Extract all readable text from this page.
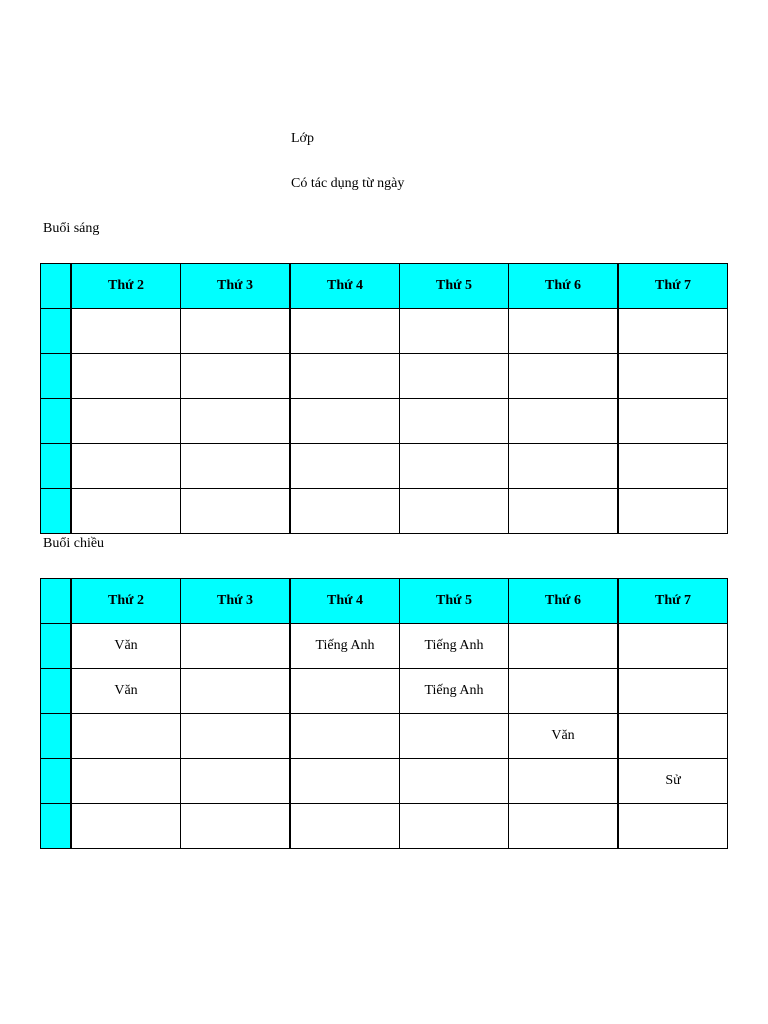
Lớp
Có tác dụng từ ngày
Buổi sáng
	Thứ 2	Thứ 3	Thứ 4	Thứ 5	Thứ 6	Thứ 7

Buổi chiều
	Thứ 2	Thứ 3	Thứ 4	Thứ 5	Thứ 6	Thứ 7
	Văn		Tiếng Anh	Tiếng Anh		
	Văn			Tiếng Anh		
					Văn	
						Sử
